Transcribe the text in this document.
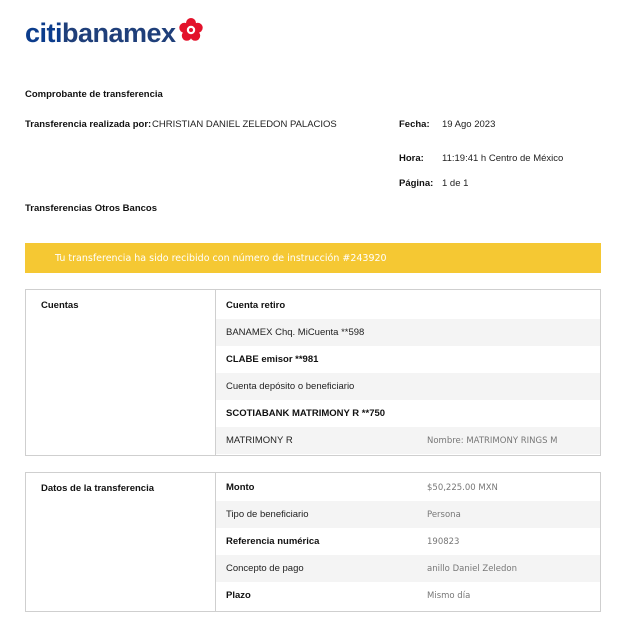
citibanamex
Comprobante de transferencia
Transferencia realizada por: CHRISTIAN DANIEL ZELEDON PALACIOS	Fecha: 19 Ago 2023
Hora: 11:19:41 h Centro de México
Página: 1 de 1
Transferencias Otros Bancos
Tu transferencia ha sido recibido con número de instrucción #243920
Cuentas	Cuenta retiro
BANAMEX Chq. MiCuenta **598
CLABE emisor **981
Cuenta depósito o beneficiario
SCOTIABANK MATRIMONY R **750
MATRIMONY R	Nombre: MATRIMONY RINGS M
Datos de la transferencia	Monto	$50,225.00 MXN
Tipo de beneficiario	Persona
Referencia numérica	190823
Concepto de pago	anillo Daniel Zeledon
Plazo	Mismo día
